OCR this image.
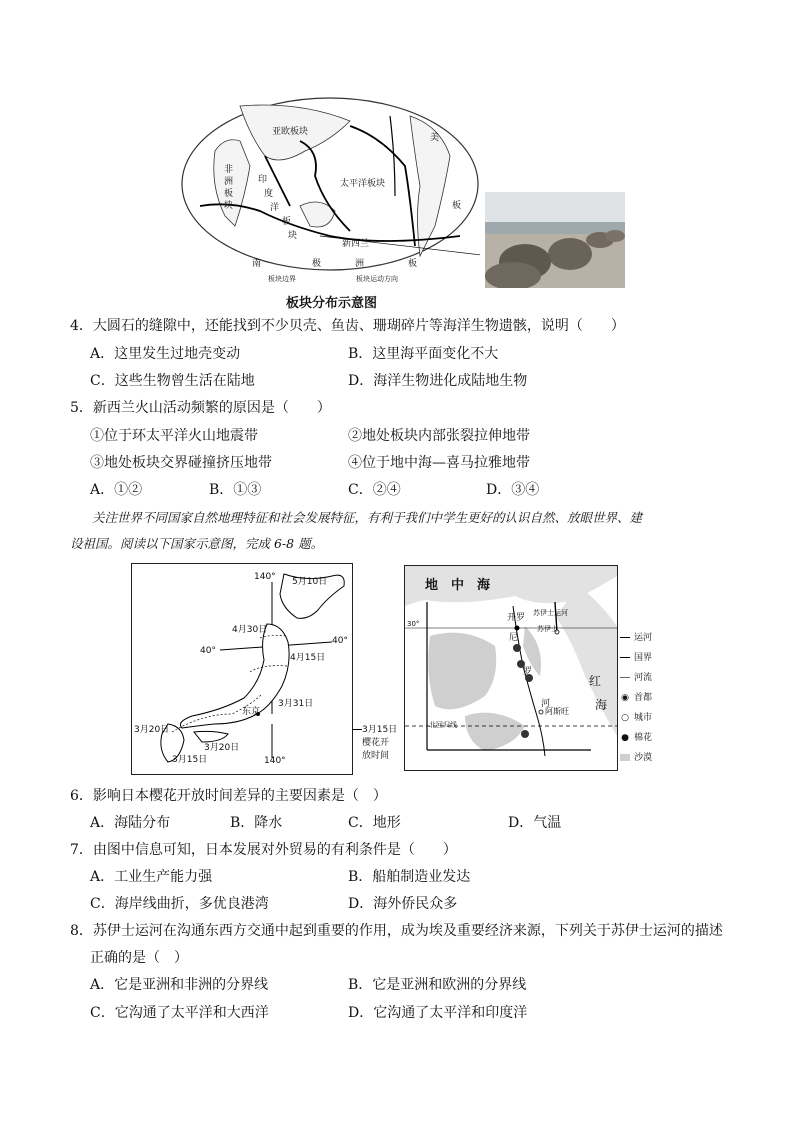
亚欧板块
非
洲
板
块
印
度
洋
板
块
太平洋板块
美
板
新西兰
南	极	洲	板
板块边界	板块运动方向
板块分布示意图
4．大圆石的缝隙中，还能找到不少贝壳、鱼齿、珊瑚碎片等海洋生物遗骸，说明（　　）
A．这里发生过地壳变动	B．这里海平面变化不大
C．这些生物曾生活在陆地	D．海洋生物进化成陆地生物
5．新西兰火山活动频繁的原因是（　　）
①位于环太平洋火山地震带	②地处板块内部张裂拉伸地带
③地处板块交界碰撞挤压地带	④位于地中海—喜马拉雅地带
A．①②	B．①③	C．②④	D．③④
关注世界不同国家自然地理特征和社会发展特征，有利于我们中学生更好的认识自然、放眼世界、建
设祖国。阅读以下国家示意图，完成 6-8 题。
140°
140°
40°
40°
5月10日
4月30日
4月15日
3月31日
3月20日
3月20日
3月15日
东京
3月15日
樱花开
放时间
地　中　海
红
海
30°
北回归线
开罗 苏伊士运河
苏伊士
尼
罗
河
阿斯旺
运河
国界
河流
◉ 首都
○ 城市
● 棉花
沙漠
6．影响日本樱花开放时间差异的主要因素是（　）
A．海陆分布	B．降水	C．地形	D．气温
7．由图中信息可知，日本发展对外贸易的有利条件是（　　）
A．工业生产能力强	B．船舶制造业发达
C．海岸线曲折，多优良港湾	D．海外侨民众多
8．苏伊士运河在沟通东西方交通中起到重要的作用，成为埃及重要经济来源，下列关于苏伊士运河的描述
正确的是（　）
A．它是亚洲和非洲的分界线	B．它是亚洲和欧洲的分界线
C．它沟通了太平洋和大西洋	D．它沟通了太平洋和印度洋
